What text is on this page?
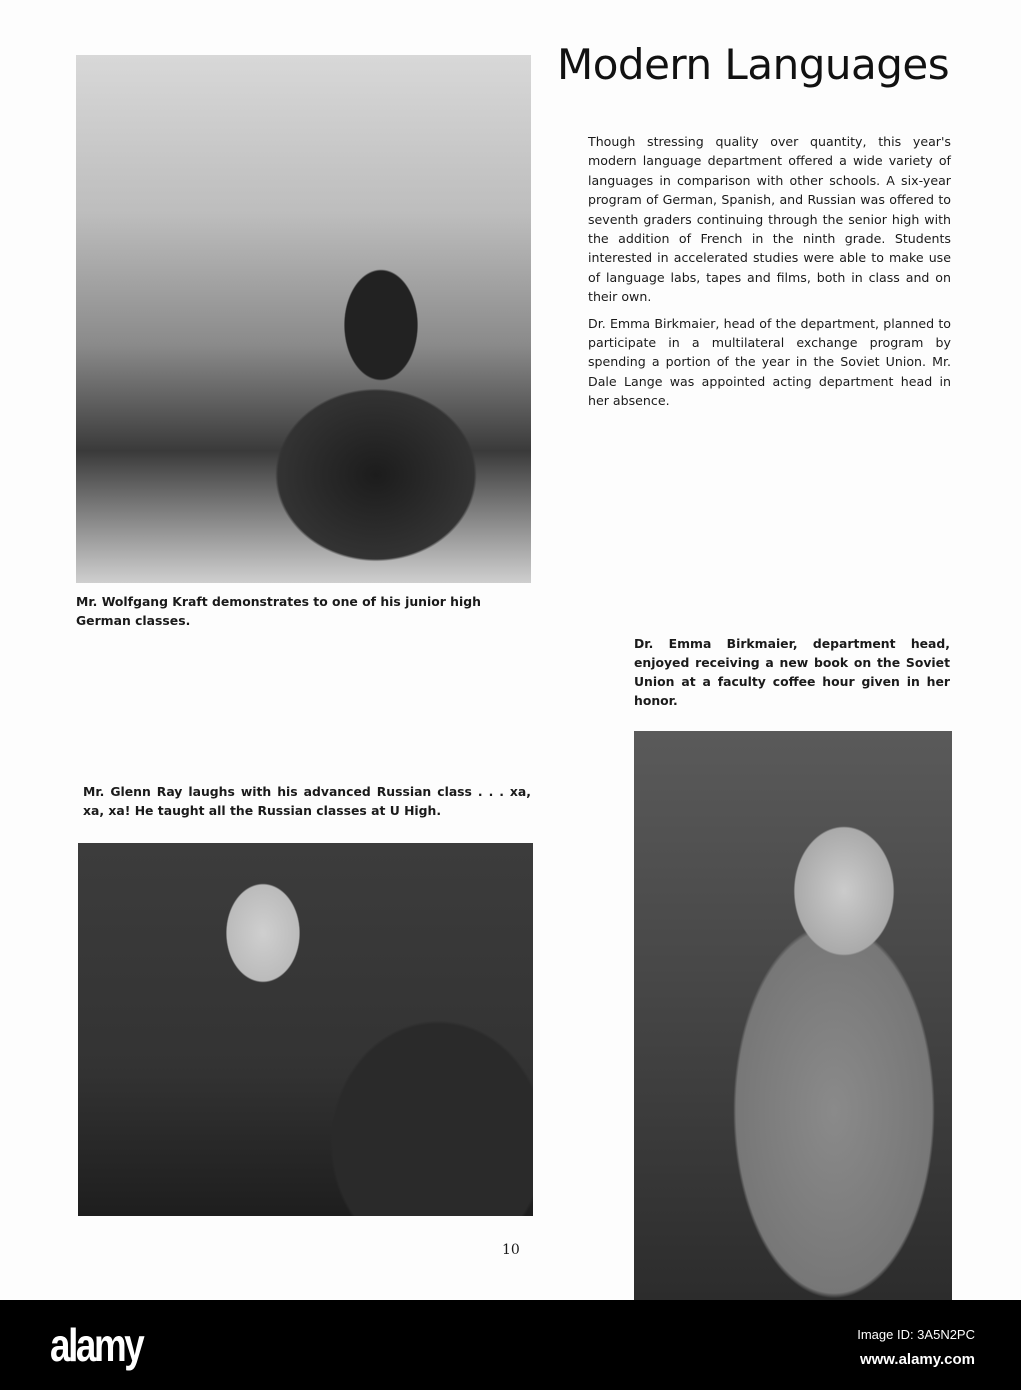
Modern Languages

Though stressing quality over quantity, this year's modern language department offered a wide variety of languages in comparison with other schools. A six-year program of German, Spanish, and Russian was offered to seventh graders continuing through the senior high with the addition of French in the ninth grade. Students interested in accelerated studies were able to make use of language labs, tapes and films, both in class and on their own.

Dr. Emma Birkmaier, head of the department, planned to participate in a multilateral exchange program by spending a portion of the year in the Soviet Union. Mr. Dale Lange was appointed acting department head in her absence.

Mr. Wolfgang Kraft demonstrates to one of his junior high German classes.
Dr. Emma Birkmaier, department head, enjoyed receiving a new book on the Soviet Union at a faculty coffee hour given in her honor.
Mr. Glenn Ray laughs with his advanced Russian class . . . xa, xa, xa! He taught all the Russian classes at U High.
10
alamy	Image ID: 3A5N2PC
www.alamy.com
